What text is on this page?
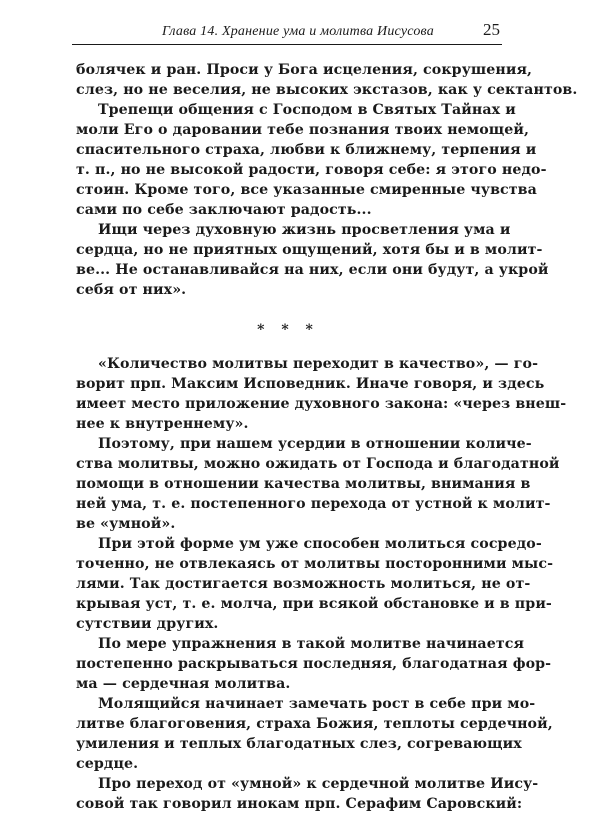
Глава 14. Хранение ума и молитва Иисусова	25
болячек и ран. Проси у Бога исцеления, сокрушения,
слез, но не веселия, не высоких экстазов, как у сектантов.
Трепещи общения с Господом в Святых Тайнах и
моли Его о даровании тебе познания твоих немощей,
спасительного страха, любви к ближнему, терпения и
т. п., но не высокой радости, говоря себе: я этого недо-
стоин. Кроме того, все указанные смиренные чувства
сами по себе заключают радость...
Ищи через духовную жизнь просветления ума и
сердца, но не приятных ощущений, хотя бы и в молит-
ве... Не останавливайся на них, если они будут, а укрой
себя от них».
* * *
«Количество молитвы переходит в качество», — го-
ворит прп. Максим Исповедник. Иначе говоря, и здесь
имеет место приложение духовного закона: «через внеш-
нее к внутреннему».
Поэтому, при нашем усердии в отношении количе-
ства молитвы, можно ожидать от Господа и благодатной
помощи в отношении качества молитвы, внимания в
ней ума, т. е. постепенного перехода от устной к молит-
ве «умной».
При этой форме ум уже способен молиться сосредо-
точенно, не отвлекаясь от молитвы посторонними мыс-
лями. Так достигается возможность молиться, не от-
крывая уст, т. е. молча, при всякой обстановке и в при-
сутствии других.
По мере упражнения в такой молитве начинается
постепенно раскрываться последняя, благодатная фор-
ма — сердечная молитва.
Молящийся начинает замечать рост в себе при мо-
литве благоговения, страха Божия, теплоты сердечной,
умиления и теплых благодатных слез, согревающих
сердце.
Про переход от «умной» к сердечной молитве Иису-
совой так говорил инокам прп. Серафим Саровский:
